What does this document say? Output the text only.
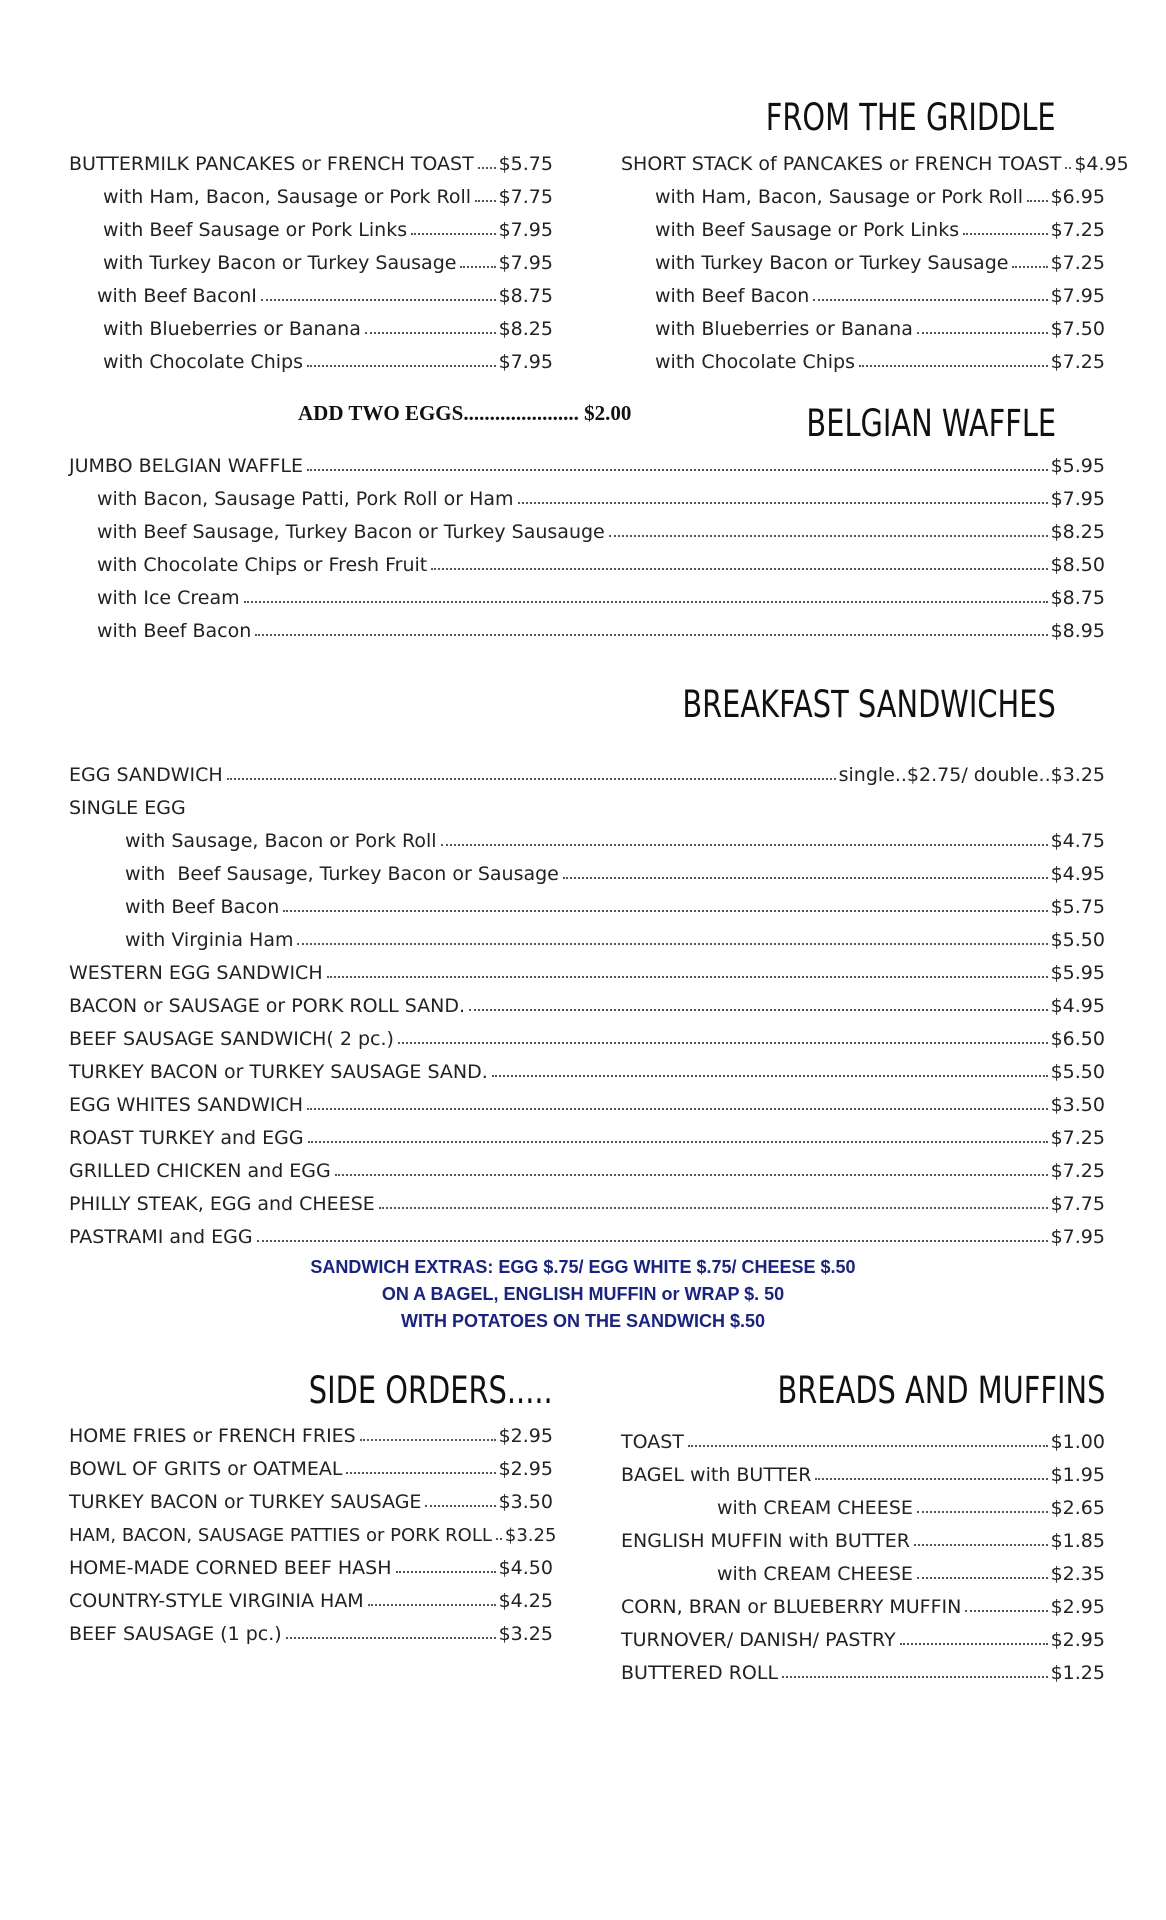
FROM THE GRIDDLE
BUTTERMILK PANCAKES or FRENCH TOAST $5.75
with Ham, Bacon, Sausage or Pork Roll $7.75
with Beef Sausage or Pork Links	$7.95
with Turkey Bacon or Turkey Sausage $7.95
with Beef BaconI	$8.75
with Blueberries or Banana	$8.25
with Chocolate Chips	$7.95
SHORT STACK of PANCAKES or FRENCH TOAST $4.95
with Ham, Bacon, Sausage or Pork Roll $6.95
with Beef Sausage or Pork Links	$7.25
with Turkey Bacon or Turkey Sausage $7.25
with Beef Bacon	$7.95
with Blueberries or Banana	$7.50
with Chocolate Chips	$7.25
ADD TWO EGGS...................... $2.00	BELGIAN WAFFLE
JUMBO BELGIAN WAFFLE	$5.95
with Bacon, Sausage Patti, Pork Roll or Ham	$7.95
with Beef Sausage, Turkey Bacon or Turkey Sausauge	$8.25
with Chocolate Chips or Fresh Fruit	$8.50
with Ice Cream	$8.75
with Beef Bacon	$8.95
BREAKFAST SANDWICHES
EGG SANDWICH	single..$2.75/ double..$3.25
SINGLE EGG
with Sausage, Bacon or Pork Roll	$4.75
with  Beef Sausage, Turkey Bacon or Sausage	$4.95
with Beef Bacon	$5.75
with Virginia Ham	$5.50
WESTERN EGG SANDWICH	$5.95
BACON or SAUSAGE or PORK ROLL SAND.	$4.95
BEEF SAUSAGE SANDWICH( 2 pc.)	$6.50
TURKEY BACON or TURKEY SAUSAGE SAND.	$5.50
EGG WHITES SANDWICH	$3.50
ROAST TURKEY and EGG	$7.25
GRILLED CHICKEN and EGG	$7.25
PHILLY STEAK, EGG and CHEESE	$7.75
PASTRAMI and EGG	$7.95
SANDWICH EXTRAS: EGG $.75/ EGG WHITE $.75/ CHEESE $.50
ON A BAGEL, ENGLISH MUFFIN or WRAP $. 50
WITH POTATOES ON THE SANDWICH $.50
SIDE ORDERS.....
HOME FRIES or FRENCH FRIES	$2.95
BOWL OF GRITS or OATMEAL	$2.95
TURKEY BACON or TURKEY SAUSAGE	$3.50
HAM, BACON, SAUSAGE PATTIES or PORK ROLL $3.25
HOME-MADE CORNED BEEF HASH	$4.50
COUNTRY-STYLE VIRGINIA HAM	$4.25
BEEF SAUSAGE (1 pc.)	$3.25
BREADS AND MUFFINS
TOAST	$1.00
BAGEL with BUTTER	$1.95
with CREAM CHEESE	$2.65
ENGLISH MUFFIN with BUTTER	$1.85
with CREAM CHEESE	$2.35
CORN, BRAN or BLUEBERRY MUFFIN	$2.95
TURNOVER/ DANISH/ PASTRY	$2.95
BUTTERED ROLL	$1.25
